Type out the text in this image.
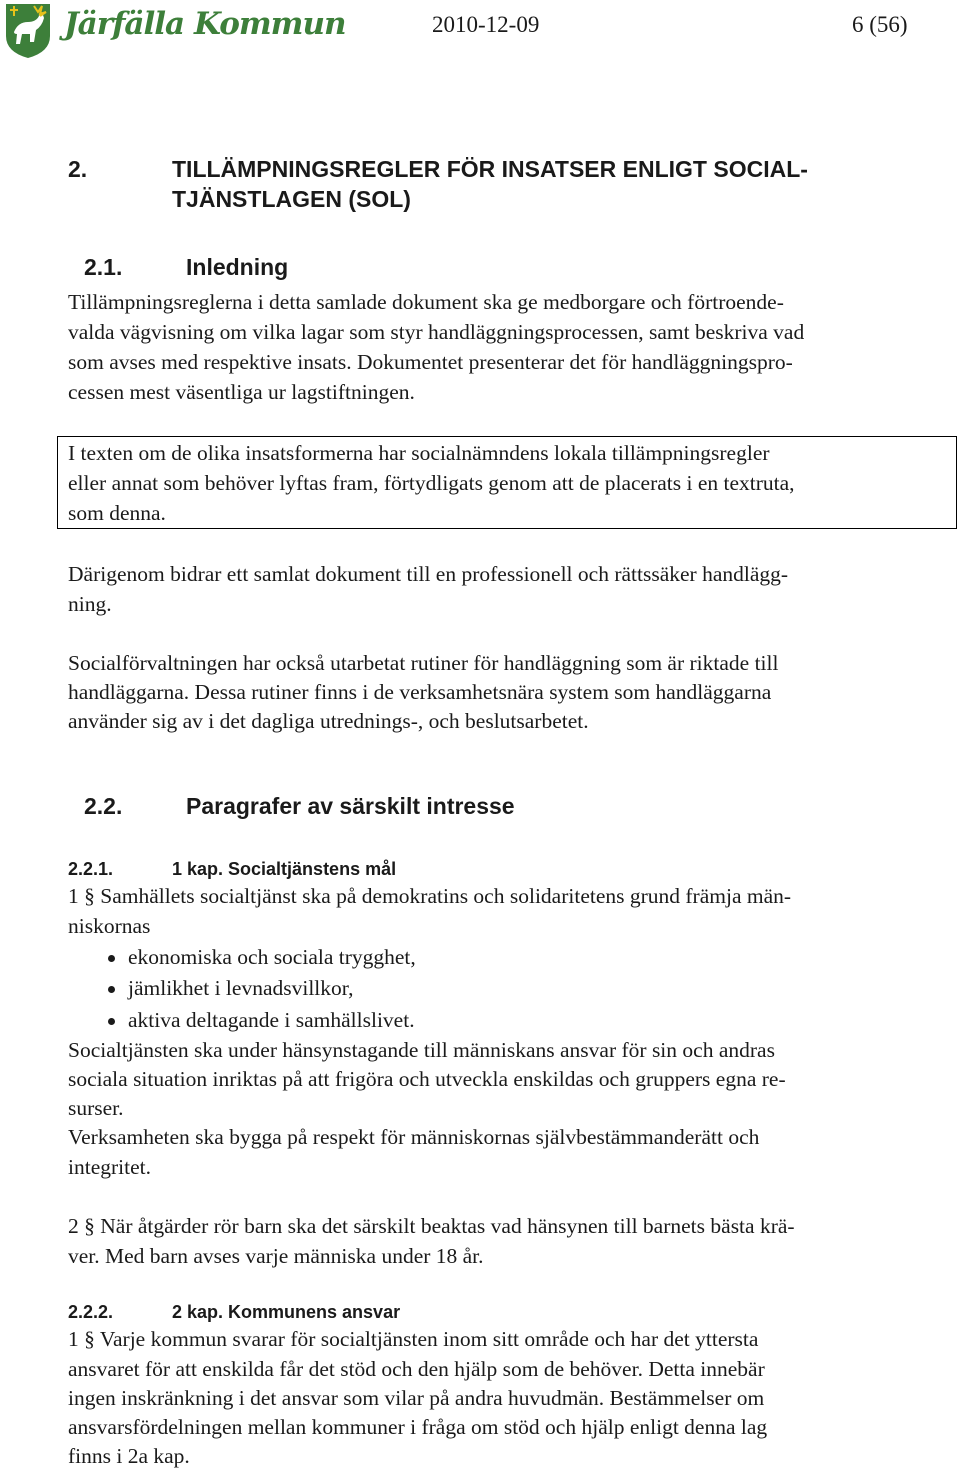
Järfälla Kommun	2010-12-09	6 (56)
2.	TILLÄMPNINGSREGLER FÖR INSATSER ENLIGT SOCIAL-
TJÄNSTLAGEN (SOL)
2.1.	Inledning
Tillämpningsreglerna i detta samlade dokument ska ge medborgare och förtroende-
valda vägvisning om vilka lagar som styr handläggningsprocessen, samt beskriva vad
som avses med respektive insats. Dokumentet presenterar det för handläggningspro-
cessen mest väsentliga ur lagstiftningen.
I texten om de olika insatsformerna har socialnämndens lokala tillämpningsregler
eller annat som behöver lyftas fram, förtydligats genom att de placerats i en textruta,
som denna.
Därigenom bidrar ett samlat dokument till en professionell och rättssäker handlägg-
ning.
Socialförvaltningen har också utarbetat rutiner för handläggning som är riktade till
handläggarna. Dessa rutiner finns i de verksamhetsnära system som handläggarna
använder sig av i det dagliga utrednings-, och beslutsarbetet.
2.2.	Paragrafer av särskilt intresse
2.2.1.	1 kap. Socialtjänstens mål
1 § Samhällets socialtjänst ska på demokratins och solidaritetens grund främja män-
niskornas
ekonomiska och sociala trygghet,
jämlikhet i levnadsvillkor,
aktiva deltagande i samhällslivet.
Socialtjänsten ska under hänsynstagande till människans ansvar för sin och andras
sociala situation inriktas på att frigöra och utveckla enskildas och gruppers egna re-
surser.
Verksamheten ska bygga på respekt för människornas självbestämmanderätt och
integritet.
2 § När åtgärder rör barn ska det särskilt beaktas vad hänsynen till barnets bästa krä-
ver. Med barn avses varje människa under 18 år.
2.2.2.	2 kap. Kommunens ansvar
1 § Varje kommun svarar för socialtjänsten inom sitt område och har det yttersta
ansvaret för att enskilda får det stöd och den hjälp som de behöver. Detta innebär
ingen inskränkning i det ansvar som vilar på andra huvudmän. Bestämmelser om
ansvarsfördelningen mellan kommuner i fråga om stöd och hjälp enligt denna lag
finns i 2a kap.
